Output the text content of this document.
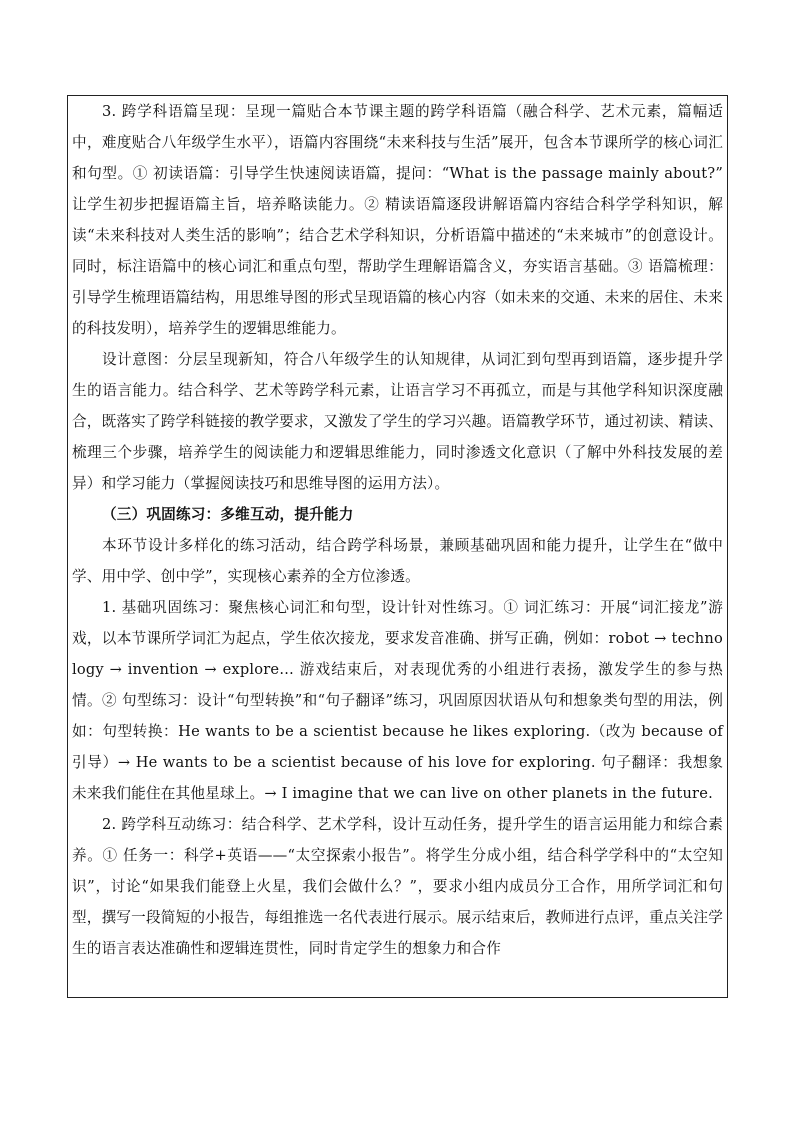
3. 跨学科语篇呈现：呈现一篇贴合本节课主题的跨学科语篇（融合科学、艺术元素，篇幅适中，难度贴合八年级学生水平），语篇内容围绕“未来科技与生活”展开，包含本节课所学的核心词汇和句型。① 初读语篇：引导学生快速阅读语篇，提问：“What is the passage mainly about?” 让学生初步把握语篇主旨，培养略读能力。② 精读语篇逐段讲解语篇内容结合科学学科知识，解读“未来科技对人类生活的影响”；结合艺术学科知识，分析语篇中描述的“未来城市”的创意设计。同时，标注语篇中的核心词汇和重点句型，帮助学生理解语篇含义，夯实语言基础。③ 语篇梳理：引导学生梳理语篇结构，用思维导图的形式呈现语篇的核心内容（如未来的交通、未来的居住、未来的科技发明），培养学生的逻辑思维能力。

设计意图：分层呈现新知，符合八年级学生的认知规律，从词汇到句型再到语篇，逐步提升学生的语言能力。结合科学、艺术等跨学科元素，让语言学习不再孤立，而是与其他学科知识深度融合，既落实了跨学科链接的教学要求，又激发了学生的学习兴趣。语篇教学环节，通过初读、精读、梳理三个步骤，培养学生的阅读能力和逻辑思维能力，同时渗透文化意识（了解中外科技发展的差异）和学习能力（掌握阅读技巧和思维导图的运用方法）。

（三）巩固练习：多维互动，提升能力

本环节设计多样化的练习活动，结合跨学科场景，兼顾基础巩固和能力提升，让学生在“做中学、用中学、创中学”，实现核心素养的全方位渗透。

1. 基础巩固练习：聚焦核心词汇和句型，设计针对性练习。① 词汇练习：开展“词汇接龙”游戏，以本节课所学词汇为起点，学生依次接龙，要求发音准确、拼写正确，例如：robot → technology → invention → explore… 游戏结束后，对表现优秀的小组进行表扬，激发学生的参与热情。② 句型练习：设计“句型转换”和“句子翻译”练习，巩固原因状语从句和想象类句型的用法，例如：句型转换：He wants to be a scientist because he likes exploring.（改为 because of 引导）→ He wants to be a scientist because of his love for exploring. 句子翻译：我想象未来我们能住在其他星球上。→ I imagine that we can live on other planets in the future.

2. 跨学科互动练习：结合科学、艺术学科，设计互动任务，提升学生的语言运用能力和综合素养。① 任务一：科学+英语——“太空探索小报告”。将学生分成小组，结合科学学科中的“太空知识”，讨论“如果我们能登上火星，我们会做什么？”，要求小组内成员分工合作，用所学词汇和句型，撰写一段简短的小报告，每组推选一名代表进行展示。展示结束后，教师进行点评，重点关注学生的语言表达准确性和逻辑连贯性，同时肯定学生的想象力和合作
